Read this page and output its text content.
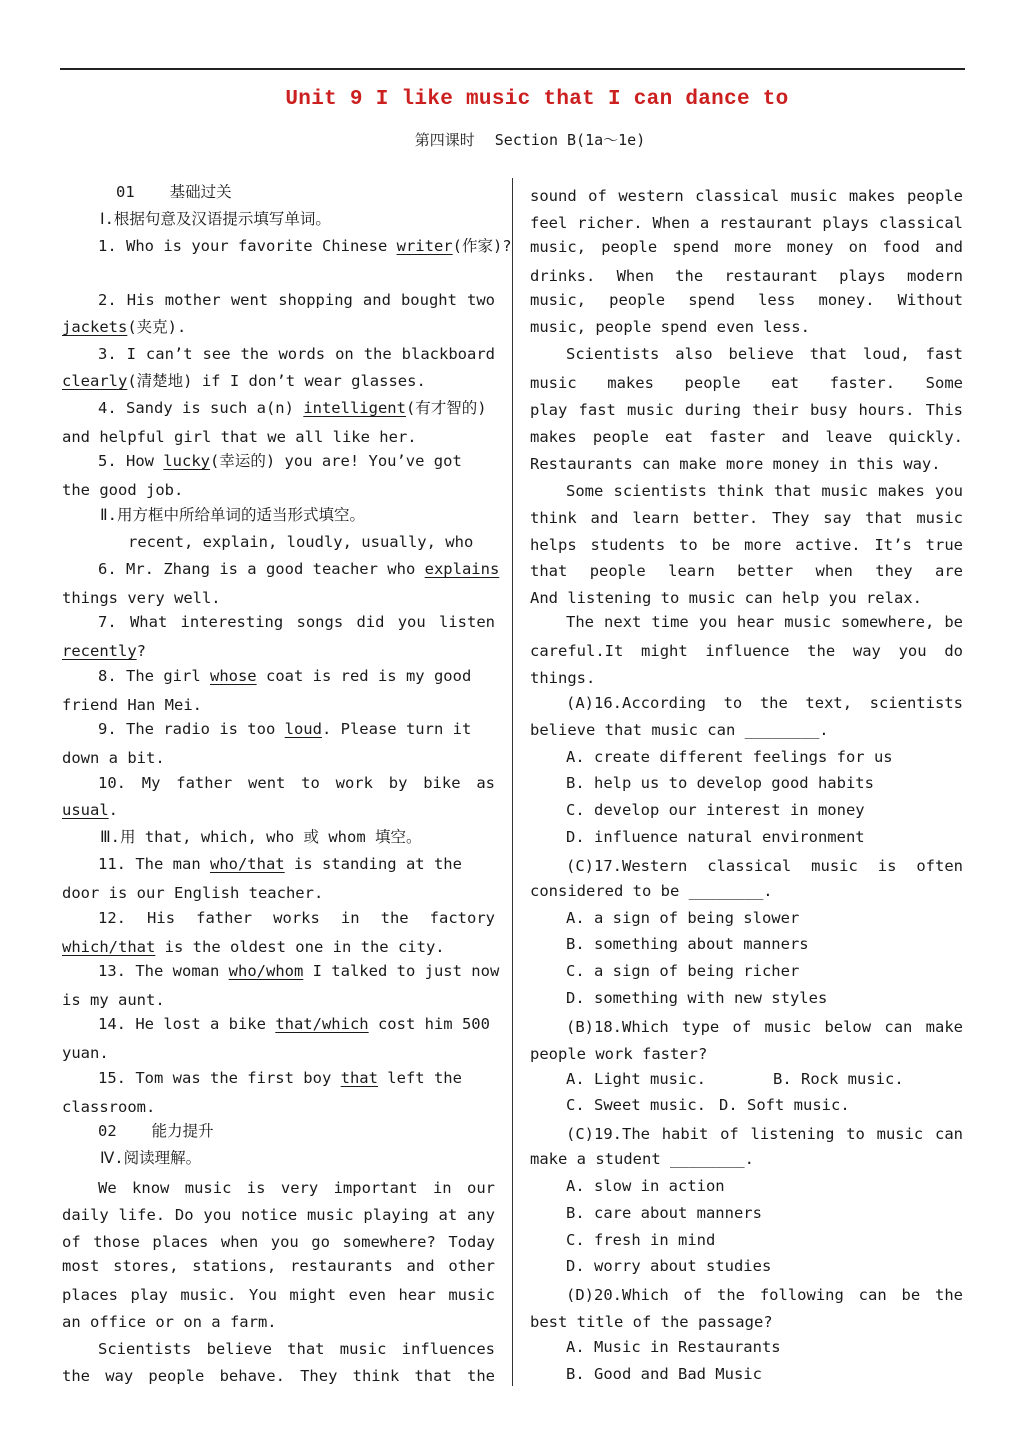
Unit 9 I like music that I can dance to
第四课时 Section B(1a～1e)
01 基础过关
Ⅰ.根据句意及汉语提示填写单词。
1. Who is your favorite Chinese writer(作家)?
2. His mother went shopping and bought two
jackets(夹克).
3. I can’t see the words on the blackboard
clearly(清楚地) if I don’t wear glasses.
4. Sandy is such a(n) intelligent(有才智的)
and helpful girl that we all like her.
5. How lucky(幸运的) you are! You’ve got
the good job.
Ⅱ.用方框中所给单词的适当形式填空。
recent, explain, loudly, usually, who
6. Mr. Zhang is a good teacher who explains
things very well.
7. What interesting songs did you listen
recently?
8. The girl whose coat is red is my good
friend Han Mei.
9. The radio is too loud. Please turn it
down a bit.
10. My father went to work by bike as
usual.
Ⅲ.用 that, which, who 或 whom 填空。
11. The man who/that is standing at the
door is our English teacher.
12. His father works in the factory
which/that is the oldest one in the city.
13. The woman who/whom I talked to just now
is my aunt.
14. He lost a bike that/which cost him 500
yuan.
15. Tom was the first boy that left the
classroom.
02 能力提升
Ⅳ.阅读理解。
We know music is very important in our
daily life. Do you notice music playing at any
of those places when you go somewhere? Today
most stores, stations, restaurants and other
places play music. You might even hear music
an office or on a farm.
Scientists believe that music influences
the way people behave. They think that the
sound of western classical music makes people
feel richer. When a restaurant plays classical
music, people spend more money on food and
drinks. When the restaurant plays modern
music, people spend less money. Without
music, people spend even less.
Scientists also believe that loud, fast
music makes people eat faster. Some
play fast music during their busy hours. This
makes people eat faster and leave quickly.
Restaurants can make more money in this way.
Some scientists think that music makes you
think and learn better. They say that music
helps students to be more active. It’s true
that people learn better when they are
And listening to music can help you relax.
The next time you hear music somewhere, be
careful.It might influence the way you do
things.
(A)16.According to the text, scientists
believe that music can ________.
A. create different feelings for us
B. help us to develop good habits
C. develop our interest in money
D. influence natural environment
(C)17.Western classical music is often
considered to be ________.
A. a sign of being slower
B. something about manners
C. a sign of being richer
D. something with new styles
(B)18.Which type of music below can make
people work faster?
A. Light music.	B. Rock music.
C. Sweet music. D. Soft music.
(C)19.The habit of listening to music can
make a student ________.
A. slow in action
B. care about manners
C. fresh in mind
D. worry about studies
(D)20.Which of the following can be the
best title of the passage?
A. Music in Restaurants
B. Good and Bad Music
